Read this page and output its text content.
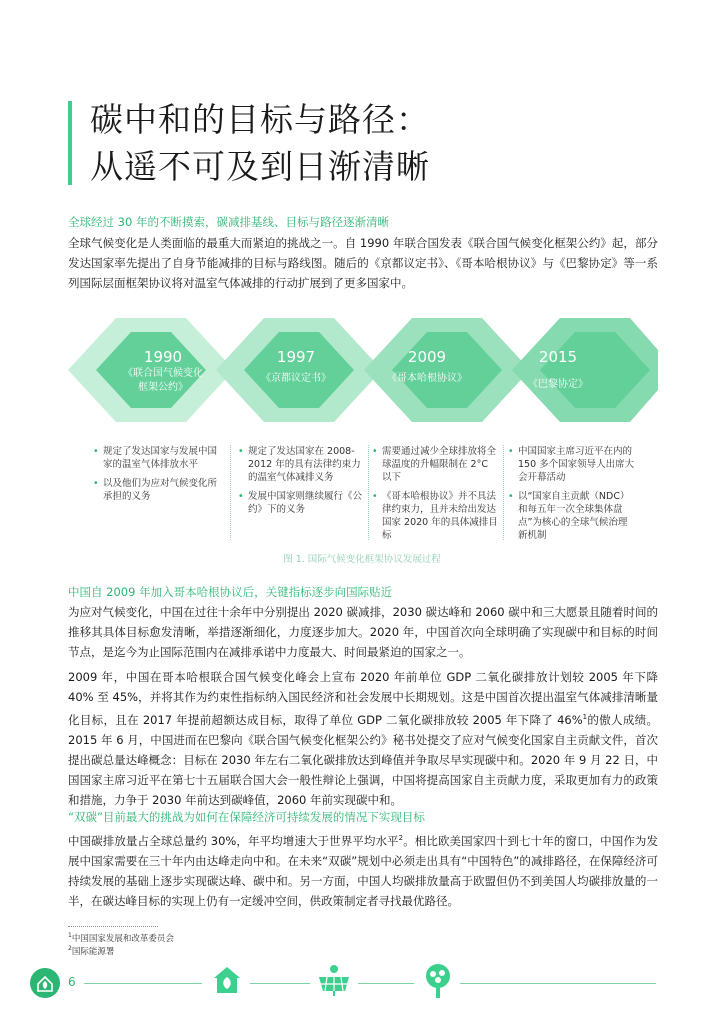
碳中和的目标与路径：
从遥不可及到日渐清晰
全球经过 30 年的不断摸索，碳减排基线、目标与路径逐渐清晰

全球气候变化是人类面临的最重大而紧迫的挑战之一。自 1990 年联合国发表《联合国气候变化框架公约》起，部分发达国家率先提出了自身节能减排的目标与路线图。随后的《京都议定书》、《哥本哈根协议》与《巴黎协定》等一系列国际层面框架协议将对温室气体减排的行动扩展到了更多国家中。

1990
《联合国气候变化框架公约》
1997
《京都议定书》
2009
《哥本哈根协议》
2015
《巴黎协定》
• 规定了发达国家与发展中国家的温室气体排放水平
• 以及他们为应对气候变化所承担的义务
• 规定了发达国家在 2008-2012 年的具有法律约束力的温室气体减排义务
• 发展中国家则继续履行《公约》下的义务
• 需要通过减少全球排放将全球温度的升幅限制在 2°C 以下
• 《哥本哈根协议》并不具法律约束力，且并未给出发达国家 2020 年的具体减排目标
• 中国国家主席习近平在内的 150 多个国家领导人出席大会开幕活动
• 以“国家自主贡献（NDC）和每五年一次全球集体盘点”为核心的全球气候治理新机制
图 1. 国际气候变化框架协议发展过程
中国自 2009 年加入哥本哈根协议后，关键指标逐步向国际贴近

为应对气候变化，中国在过往十余年中分别提出 2020 碳减排，2030 碳达峰和 2060 碳中和三大愿景且随着时间的推移其具体目标愈发清晰，举措逐渐细化，力度逐步加大。2020 年，中国首次向全球明确了实现碳中和目标的时间节点，是迄今为止国际范围内在减排承诺中力度最大、时间最紧迫的国家之一。

2009 年，中国在哥本哈根联合国气候变化峰会上宣布 2020 年前单位 GDP 二氧化碳排放计划较 2005 年下降 40% 至 45%，并将其作为约束性指标纳入国民经济和社会发展中长期规划。这是中国首次提出温室气体减排清晰量化目标，且在 2017 年提前超额达成目标，取得了单位 GDP 二氧化碳排放较 2005 年下降了 46%$^1$的傲人成绩。2015 年 6 月，中国进而在巴黎向《联合国气候变化框架公约》秘书处提交了应对气候变化国家自主贡献文件，首次提出碳总量达峰概念：目标在 2030 年左右二氧化碳排放达到峰值并争取尽早实现碳中和。2020 年 9 月 22 日，中国国家主席习近平在第七十五届联合国大会一般性辩论上强调，中国将提高国家自主贡献力度，采取更加有力的政策和措施，力争于 2030 年前达到碳峰值，2060 年前实现碳中和。

“双碳”目前最大的挑战为如何在保障经济可持续发展的情况下实现目标

中国碳排放量占全球总量约 30%，年平均增速大于世界平均水平$^2$。相比欧美国家四十到七十年的窗口，中国作为发展中国家需要在三十年内由达峰走向中和。在未来“双碳”规划中必须走出具有“中国特色”的减排路径，在保障经济可持续发展的基础上逐步实现碳达峰、碳中和。另一方面，中国人均碳排放量高于欧盟但仍不到美国人均碳排放量的一半，在碳达峰目标的实现上仍有一定缓冲空间，供政策制定者寻找最优路径。

$^1$中国国家发展和改革委员会
$^2$国际能源署
6
